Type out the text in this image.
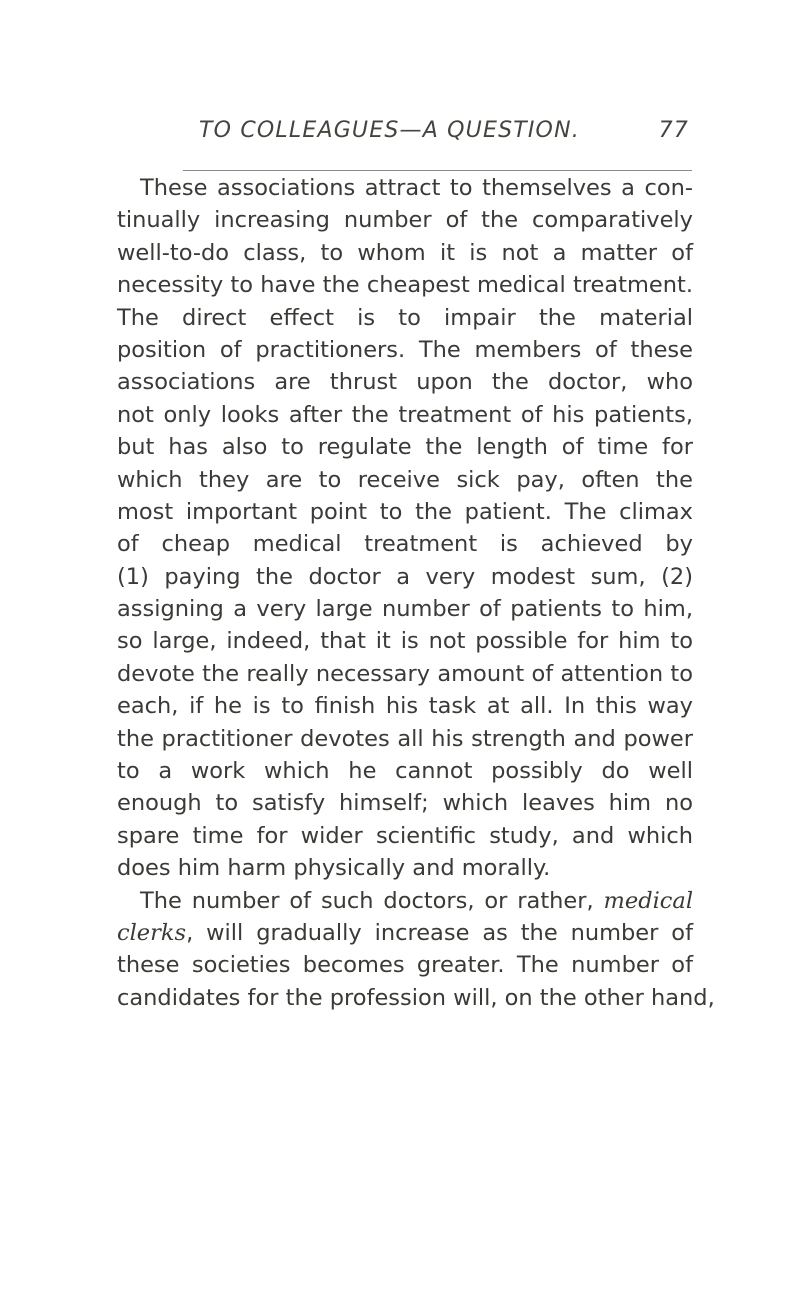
TO COLLEAGUES—A QUESTION.	77
These associations attract to themselves a con-
tinually increasing number of the comparatively
well-to-do class, to whom it is not a matter of
necessity to have the cheapest medical treatment.
The direct effect is to impair the material
position of practitioners. The members of these
associations are thrust upon the doctor, who
not only looks after the treatment of his patients,
but has also to regulate the length of time for
which they are to receive sick pay, often the
most important point to the patient. The climax
of cheap medical treatment is achieved by
(1) paying the doctor a very modest sum, (2)
assigning a very large number of patients to him,
so large, indeed, that it is not possible for him to
devote the really necessary amount of attention to
each, if he is to finish his task at all. In this way
the practitioner devotes all his strength and power
to a work which he cannot possibly do well
enough to satisfy himself; which leaves him no
spare time for wider scientific study, and which
does him harm physically and morally.
The number of such doctors, or rather, medical
clerks, will gradually increase as the number of
these societies becomes greater. The number of
candidates for the profession will, on the other hand,
